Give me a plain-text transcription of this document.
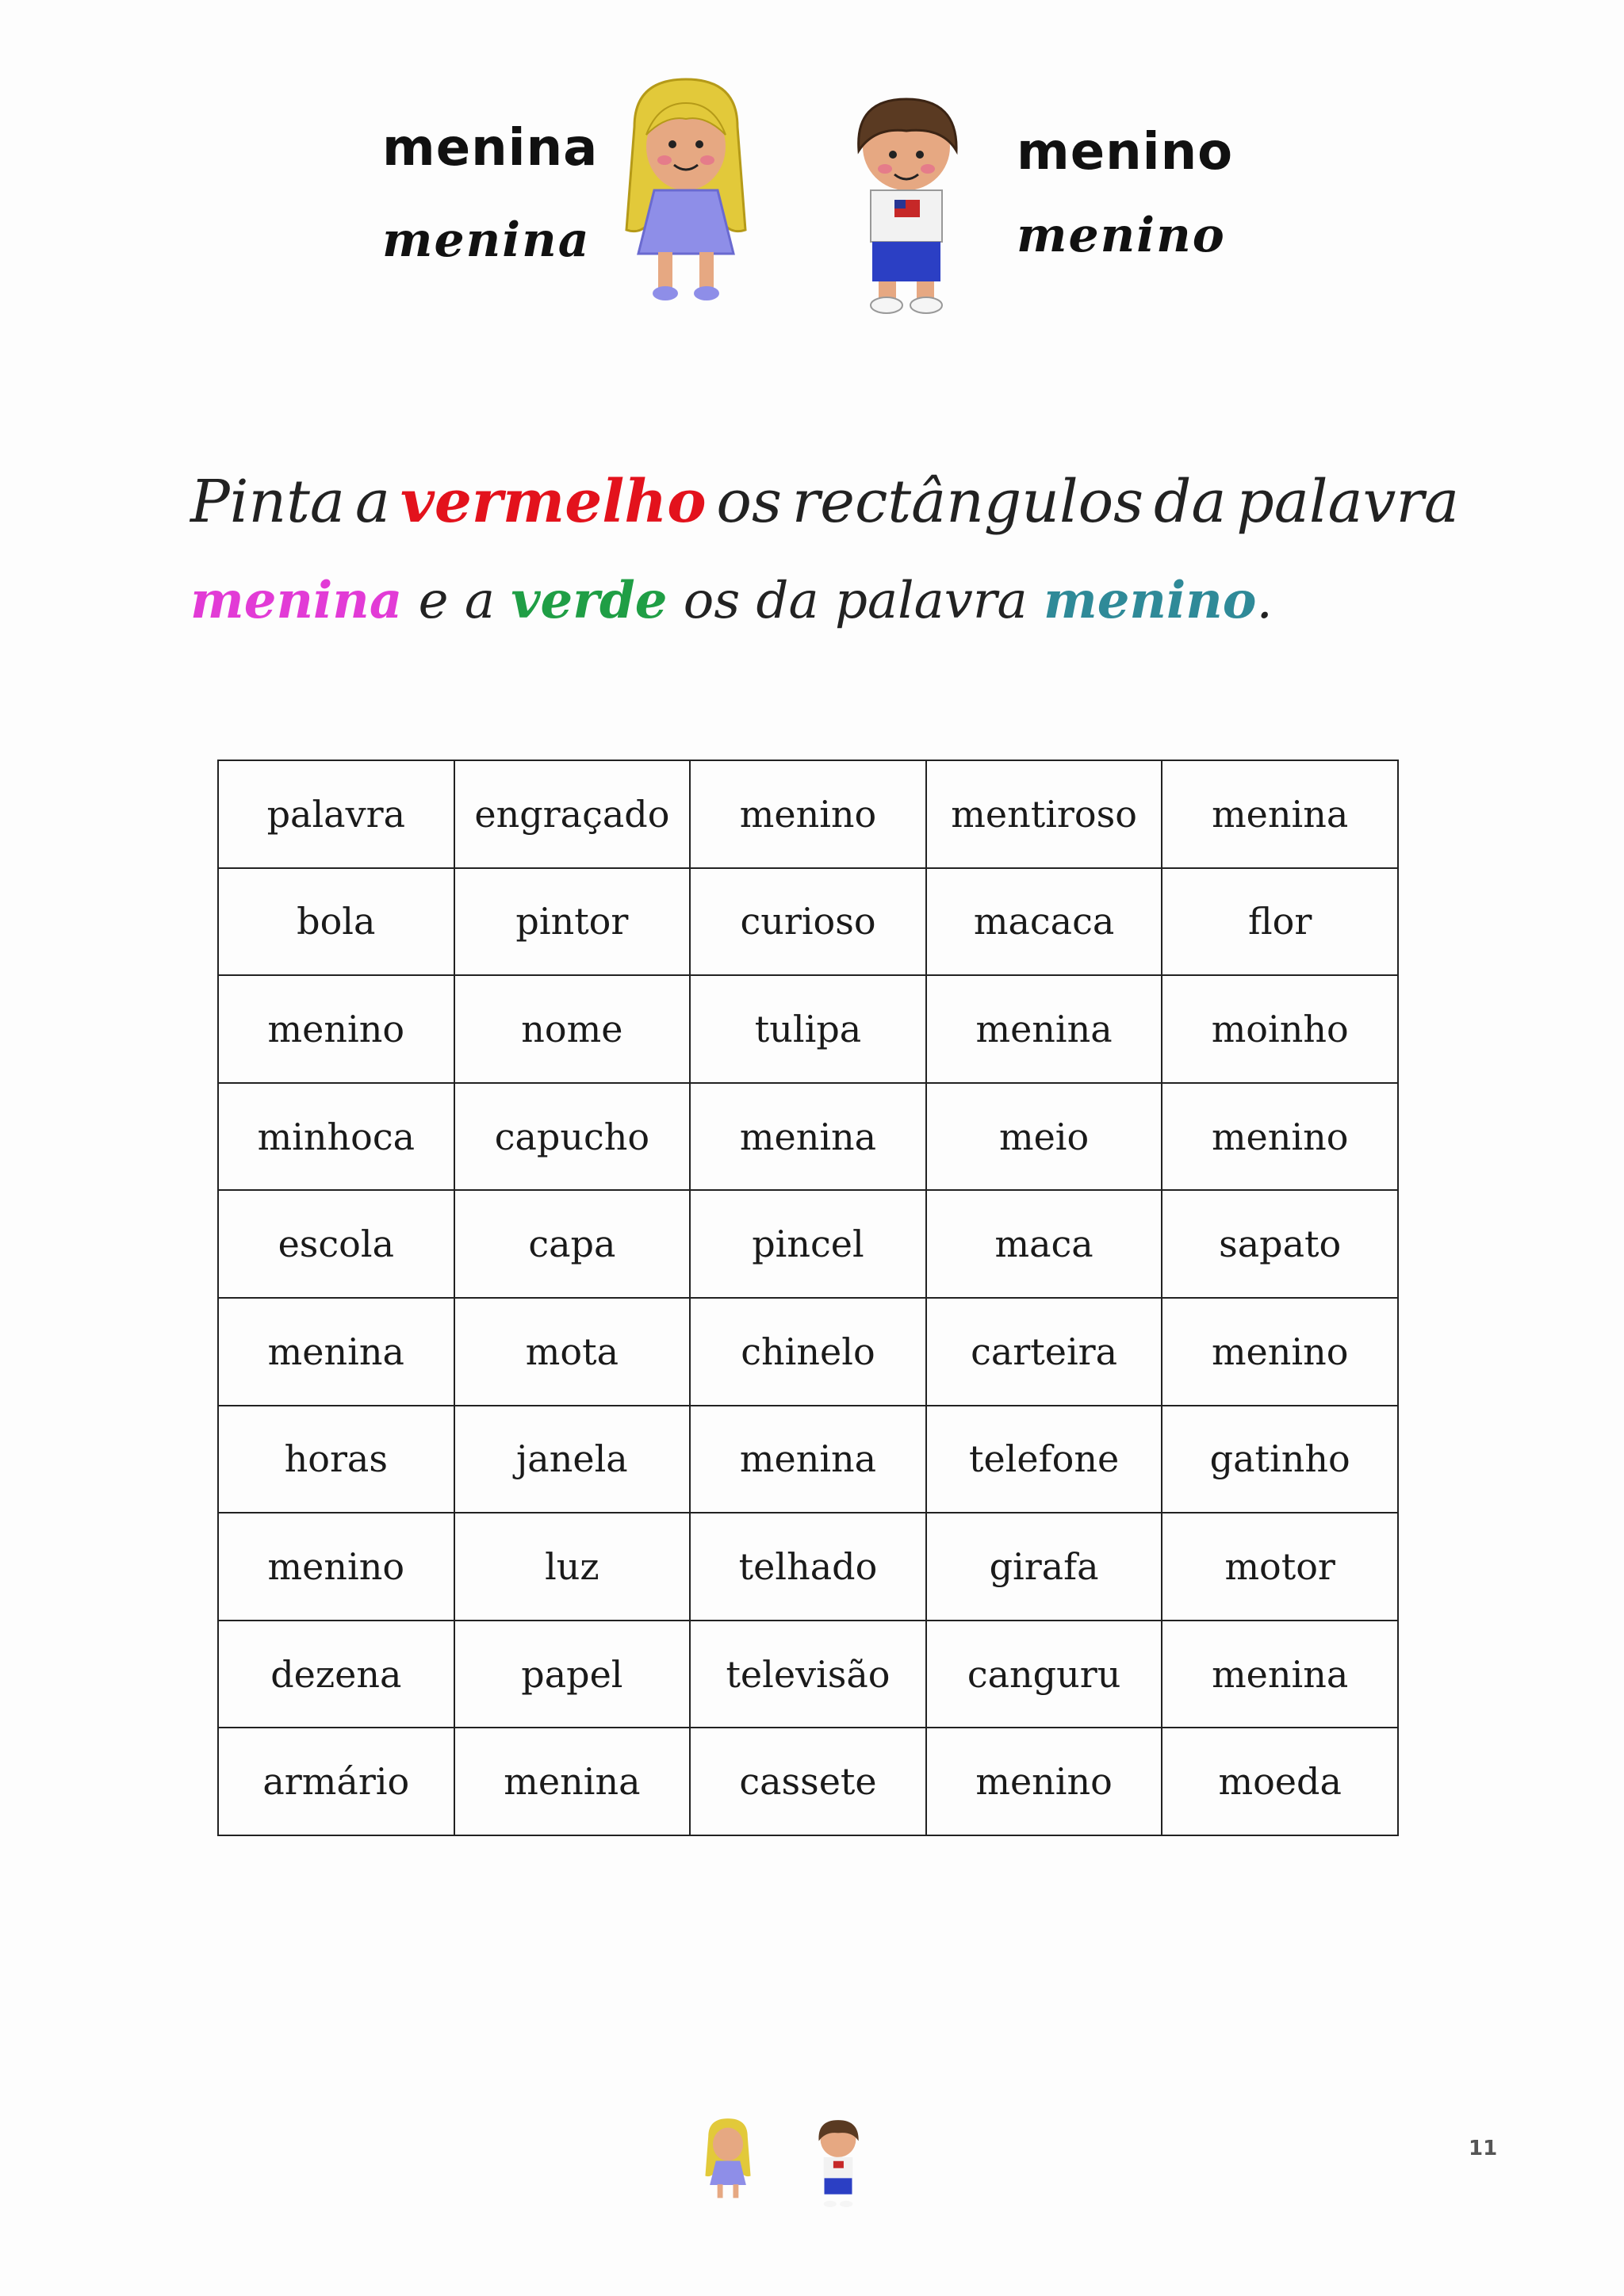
menina
menina
menino
menino
Pinta a vermelho os rectângulos da palavra
menina e a verde os da palavra menino.
palavra	engraçado	menino	mentiroso	menina
bola	pintor	curioso	macaca	flor
menino	nome	tulipa	menina	moinho
minhoca	capucho	menina	meio	menino
escola	capa	pincel	maca	sapato
menina	mota	chinelo	carteira	menino
horas	janela	menina	telefone	gatinho
menino	luz	telhado	girafa	motor
dezena	papel	televisão	canguru	menina
armário	menina	cassete	menino	moeda
11
